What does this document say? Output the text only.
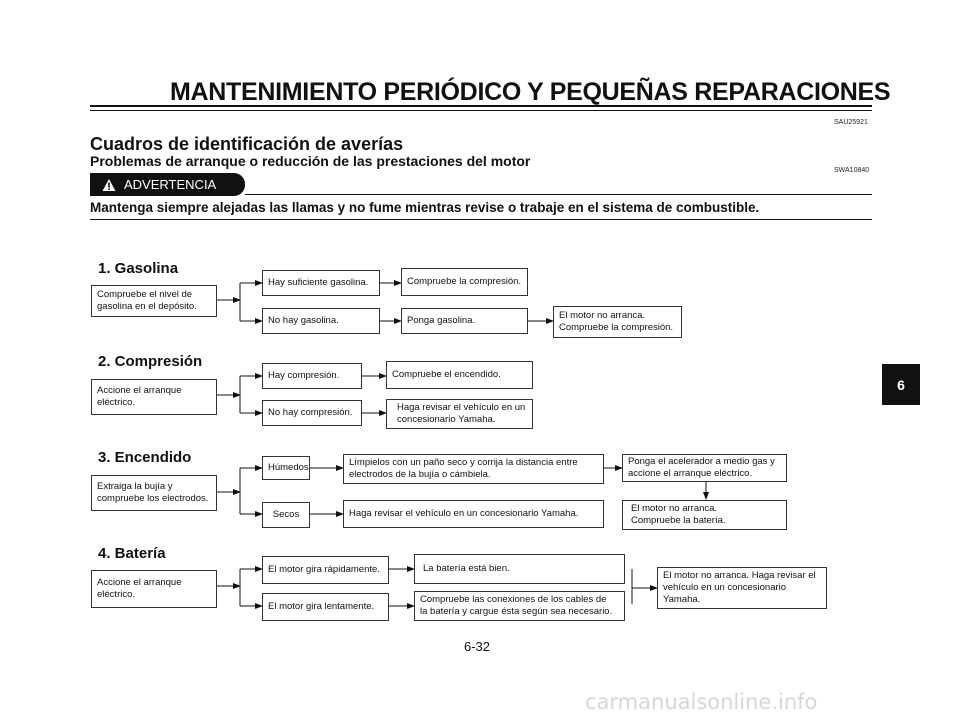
MANTENIMIENTO PERIÓDICO Y PEQUEÑAS REPARACIONES
SAU25921
Cuadros de identificación de averías
Problemas de arranque o reducción de las prestaciones del motor
SWA10840
ADVERTENCIA
Mantenga siempre alejadas las llamas y no fume mientras revise o trabaje en el sistema de combustible.
1. Gasolina
Compruebe el nivel de
gasolina en el depósito.
Hay suficiente gasolina.	Compruebe la compresión.
No hay gasolina.	Ponga gasolina.	El motor no arranca.
Compruebe la compresión.
2. Compresión
Accione el arranque
eléctrico.
Hay compresión.	Compruebe el encendido.
No hay compresión.	Haga revisar el vehículo en un
concesionario Yamaha.
3. Encendido
Extraiga la bujía y
compruebe los electrodos.
Húmedos	Límpielos con un paño seco y corrija la distancia entre
electrodos de la bujía o cámbiela.
Ponga el acelerador a medio gas y
accione el arranque eléctrico.
El motor no arranca.
Compruebe la batería.
Secos	Haga revisar el vehículo en un concesionario Yamaha.
4. Batería
Accione el arranque
eléctrico.
El motor gira rápidamente.	La batería está bien.
El motor gira lentamente.
Compruebe las conexiones de los cables de
la batería y cargue ésta según sea necesario.
El motor no arranca. Haga revisar el
vehículo en un concesionario
Yamaha.
6
6-32
carmanualsonline.info
